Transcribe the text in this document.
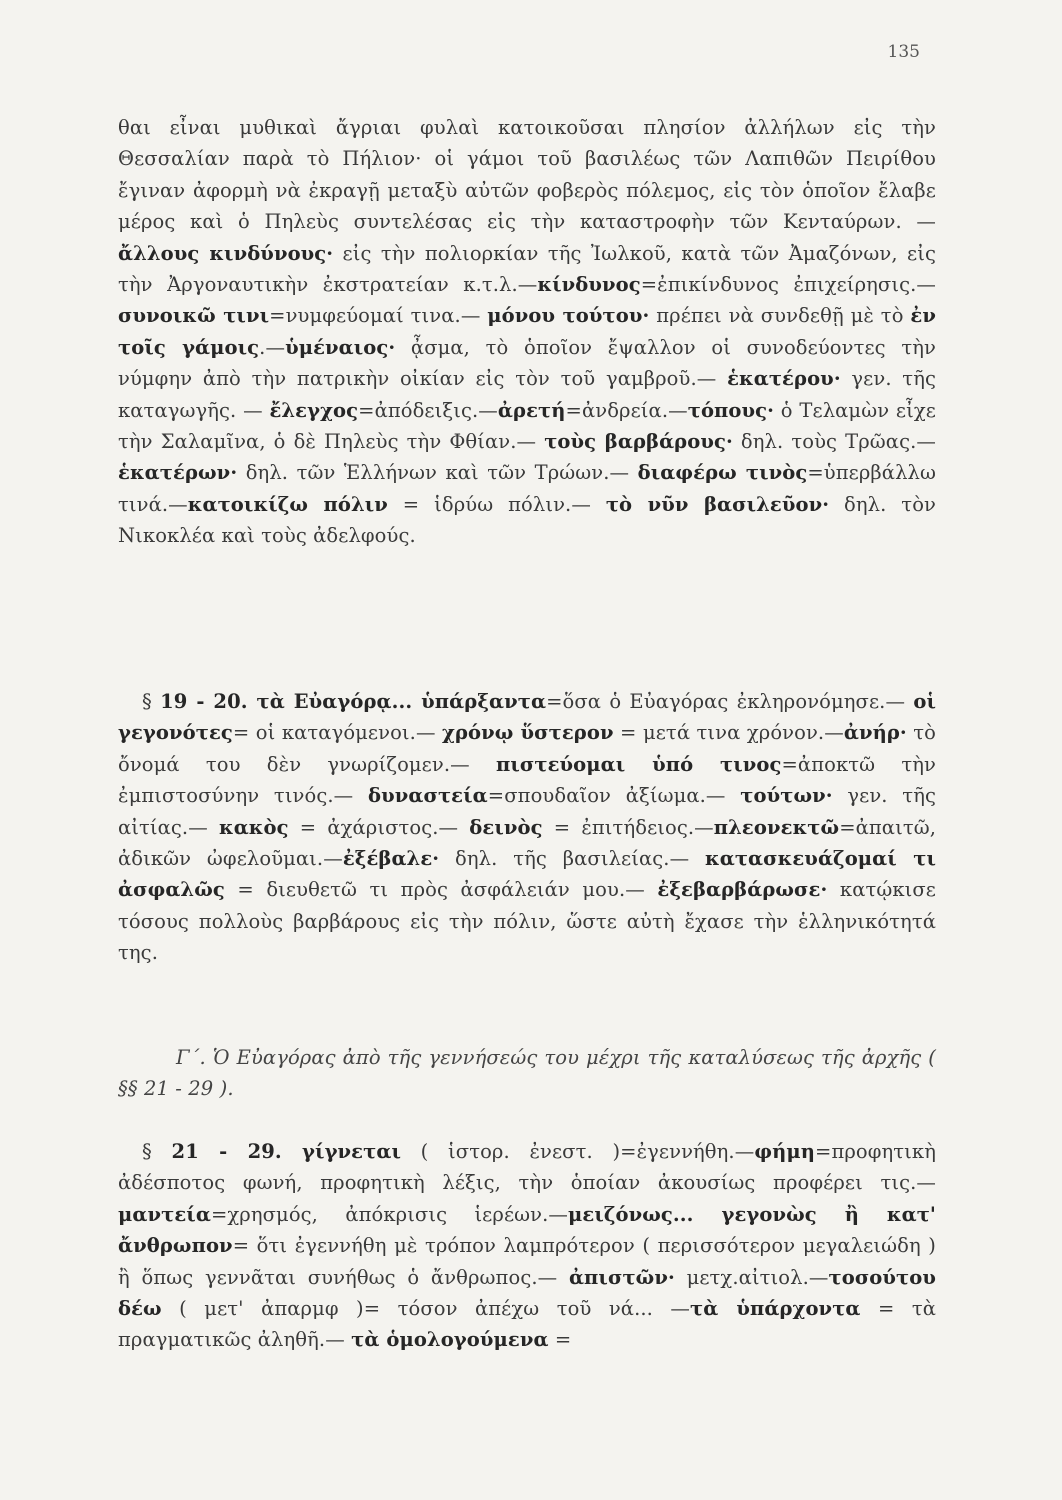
135

θαι εἶναι μυθικαὶ ἄγριαι φυλαὶ κατοικοῦσαι πλησίον ἀλλήλων εἰς τὴν Θεσσαλίαν παρὰ τὸ Πήλιον· οἱ γάμοι τοῦ βασιλέως τῶν Λαπιθῶν Πειρίθου ἔγιναν ἀφορμὴ νὰ ἐκραγῇ μεταξὺ αὐτῶν φοβερὸς πόλεμος, εἰς τὸν ὁποῖον ἔλαβε μέρος καὶ ὁ Πηλεὺς συντελέσας εἰς τὴν καταστροφὴν τῶν Κενταύρων. — ἄλλους κινδύνους· εἰς τὴν πολιορκίαν τῆς Ἰωλκοῦ, κατὰ τῶν Ἀμαζόνων, εἰς τὴν Ἀργοναυτικὴν ἐκστρατείαν κ.τ.λ.—κίνδυνος=ἐπικίνδυνος ἐπιχείρησις.—συνοικῶ τινι=νυμφεύομαί τινα.— μόνου τούτου· πρέπει νὰ συνδεθῇ μὲ τὸ ἐν τοῖς γάμοις.—ὑμέναιος· ᾆσμα, τὸ ὁποῖον ἔψαλλον οἱ συνοδεύοντες τὴν νύμφην ἀπὸ τὴν πατρικὴν οἰκίαν εἰς τὸν τοῦ γαμβροῦ.— ἑκατέρου· γεν. τῆς καταγωγῆς. — ἔλεγχος=ἀπόδειξις.—ἀρετή=ἀνδρεία.—τόπους· ὁ Τελαμὼν εἶχε τὴν Σαλαμῖνα, ὁ δὲ Πηλεὺς τὴν Φθίαν.— τοὺς βαρβάρους· δηλ. τοὺς Τρῶας.—ἑκατέρων· δηλ. τῶν Ἑλλήνων καὶ τῶν Τρώων.— διαφέρω τινὸς=ὑπερβάλλω τινά.—κατοικίζω πόλιν = ἱδρύω πόλιν.— τὸ νῦν βασιλεῦον· δηλ. τὸν Νικοκλέα καὶ τοὺς ἀδελφούς.

§ 19 - 20. τὰ Εὐαγόρᾳ... ὑπάρξαντα=ὅσα ὁ Εὐαγόρας ἐκληρονόμησε.— οἱ γεγονότες= οἱ καταγόμενοι.— χρόνῳ ὕστερον = μετά τινα χρόνον.—ἀνήρ· τὸ ὄνομά του δὲν γνωρίζομεν.— πιστεύομαι ὑπό τινος=ἀποκτῶ τὴν ἐμπιστοσύνην τινός.— δυναστεία=σπουδαῖον ἀξίωμα.— τούτων· γεν. τῆς αἰτίας.— κακὸς = ἀχάριστος.— δεινὸς = ἐπιτήδειος.—πλεονεκτῶ=ἀπαιτῶ, ἀδικῶν ὠφελοῦμαι.—ἐξέβαλε· δηλ. τῆς βασιλείας.— κατασκευάζομαί τι ἀσφαλῶς = διευθετῶ τι πρὸς ἀσφάλειάν μου.— ἐξεβαρβάρωσε· κατῴκισε τόσους πολλοὺς βαρβάρους εἰς τὴν πόλιν, ὥστε αὐτὴ ἔχασε τὴν ἑλληνικότητά της.

Γ΄. Ὁ Εὐαγόρας ἀπὸ τῆς γεννήσεώς του μέχρι τῆς καταλύσεως τῆς ἀρχῆς ( §§ 21 - 29 ).

§ 21 - 29. γίγνεται ( ἱστορ. ἐνεστ. )=ἐγεννήθη.—φήμη=προφητικὴ ἀδέσποτος φωνή, προφητικὴ λέξις, τὴν ὁποίαν ἀκουσίως προφέρει τις.—μαντεία=χρησμός, ἀπόκρισις ἱερέων.—μειζόνως... γεγονὼς ἢ κατ' ἄνθρωπον= ὅτι ἐγεννήθη μὲ τρόπον λαμπρότερον ( περισσότερον μεγαλειώδη ) ἢ ὅπως γεννᾶται συνήθως ὁ ἄνθρωπος.— ἀπιστῶν· μετχ.αἰτιολ.—τοσούτου δέω ( μετ' ἀπαρμφ )= τόσον ἀπέχω τοῦ νά... —τὰ ὑπάρχοντα = τὰ πραγματικῶς ἀληθῆ.— τὰ ὁμολογούμενα =
